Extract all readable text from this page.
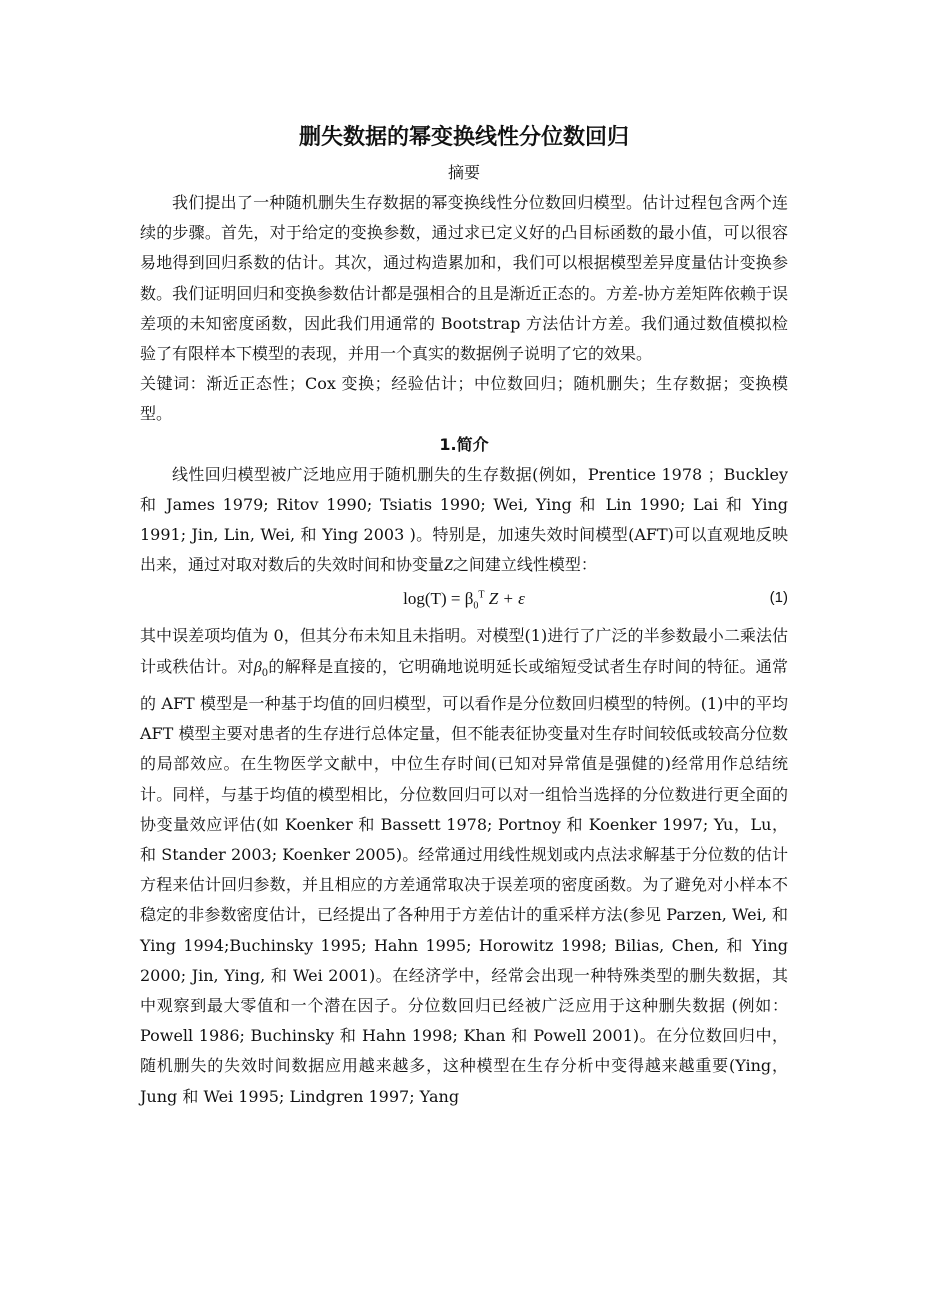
删失数据的幂变换线性分位数回归

摘要

我们提出了一种随机删失生存数据的幂变换线性分位数回归模型。估计过程包含两个连续的步骤。首先，对于给定的变换参数，通过求已定义好的凸目标函数的最小值，可以很容易地得到回归系数的估计。其次，通过构造累加和，我们可以根据模型差异度量估计变换参数。我们证明回归和变换参数估计都是强相合的且是渐近正态的。方差-协方差矩阵依赖于误差项的未知密度函数，因此我们用通常的 Bootstrap 方法估计方差。我们通过数值模拟检验了有限样本下模型的表现，并用一个真实的数据例子说明了它的效果。

关键词：渐近正态性；Cox 变换；经验估计；中位数回归；随机删失；生存数据；变换模型。

1.简介

线性回归模型被广泛地应用于随机删失的生存数据(例如，Prentice 1978 ；Buckley 和 James 1979; Ritov 1990; Tsiatis 1990; Wei, Ying 和 Lin 1990; Lai 和 Ying 1991; Jin, Lin, Wei, 和 Ying 2003 )。特别是，加速失效时间模型(AFT)可以直观地反映出来，通过对取对数后的失效时间和协变量Z之间建立线性模型：

$\log(T) = \beta_0^T$ Z + ε	(1)

其中误差项均值为 0，但其分布未知且未指明。对模型(1)进行了广泛的半参数最小二乘法估计或秩估计。对$\beta_0$的解释是直接的，它明确地说明延长或缩短受试者生存时间的特征。通常的 AFT 模型是一种基于均值的回归模型，可以看作是分位数回归模型的特例。(1)中的平均 AFT 模型主要对患者的生存进行总体定量，但不能表征协变量对生存时间较低或较高分位数的局部效应。在生物医学文献中，中位生存时间(已知对异常值是强健的)经常用作总结统计。同样，与基于均值的模型相比，分位数回归可以对一组恰当选择的分位数进行更全面的协变量效应评估(如 Koenker 和 Bassett 1978; Portnoy 和 Koenker 1997; Yu，Lu，和 Stander 2003; Koenker 2005)。经常通过用线性规划或内点法求解基于分位数的估计方程来估计回归参数，并且相应的方差通常取决于误差项的密度函数。为了避免对小样本不稳定的非参数密度估计，已经提出了各种用于方差估计的重采样方法(参见 Parzen, Wei, 和 Ying 1994;Buchinsky 1995; Hahn 1995; Horowitz 1998; Bilias, Chen, 和 Ying 2000; Jin, Ying, 和 Wei 2001)。在经济学中，经常会出现一种特殊类型的删失数据，其中观察到最大零值和一个潜在因子。分位数回归已经被广泛应用于这种删失数据 (例如：Powell 1986; Buchinsky 和 Hahn 1998; Khan 和 Powell 2001)。在分位数回归中，随机删失的失效时间数据应用越来越多，这种模型在生存分析中变得越来越重要(Ying，Jung 和 Wei 1995; Lindgren 1997; Yang
